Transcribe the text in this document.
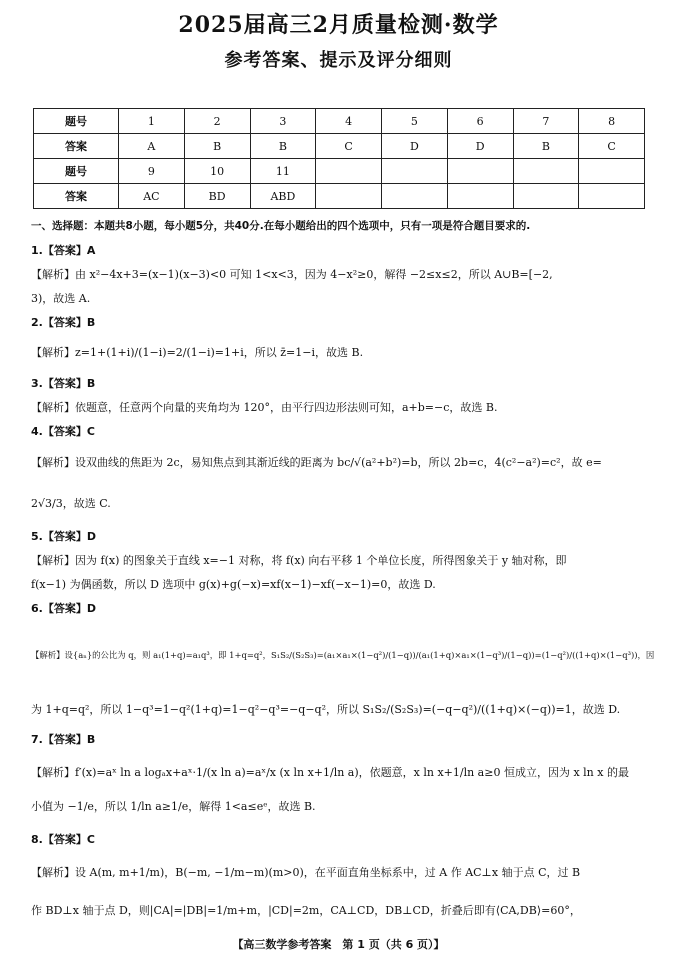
2025届高三2月质量检测·数学
参考答案、提示及评分细则
题号	1	2	3	4	5	6	7	8
答案	A	B	B	C	D	D	B	C
题号	9	10	11					
答案	AC	BD	ABD					
一、选择题：本题共8小题，每小题5分，共40分.在每小题给出的四个选项中，只有一项是符合题目要求的.
1.【答案】A
【解析】由 x²−4x+3=(x−1)(x−3)<0 可知 1<x<3，因为 4−x²≥0，解得 −2≤x≤2，所以 A∪B=[−2,
3)，故选 A.
2.【答案】B
【解析】z=1+(1+i)/(1−i)=2/(1−i)=1+i，所以 z̄=1−i，故选 B.
3.【答案】B
【解析】依题意，任意两个向量的夹角均为 120°，由平行四边形法则可知，a+b=−c，故选 B.
4.【答案】C
【解析】设双曲线的焦距为 2c，易知焦点到其渐近线的距离为 bc/√(a²+b²)=b，所以 2b=c，4(c²−a²)=c²，故 e=
2√3/3，故选 C.
5.【答案】D
【解析】因为 f(x) 的图象关于直线 x=−1 对称，将 f(x) 向右平移 1 个单位长度，所得图象关于 y 轴对称，即
f(x−1) 为偶函数，所以 D 选项中 g(x)+g(−x)=xf(x−1)−xf(−x−1)=0，故选 D.
6.【答案】D
【解析】设{aₙ}的公比为 q，则 a₁(1+q)=a₁q³，即 1+q=q²，S₁S₂/(S₂S₃)=(a₁×a₁×(1−q²)/(1−q))/(a₁(1+q)×a₁×(1−q³)/(1−q))=(1−q²)/((1+q)×(1−q³))，因
为 1+q=q²，所以 1−q³=1−q²(1+q)=1−q²−q³=−q−q²，所以 S₁S₂/(S₂S₃)=(−q−q²)/((1+q)×(−q))=1，故选 D.
7.【答案】B
【解析】f′(x)=aˣ ln a logₐx+aˣ·1/(x ln a)=aˣ/x (x ln x+1/ln a)，依题意，x ln x+1/ln a≥0 恒成立，因为 x ln x 的最
小值为 −1/e，所以 1/ln a≥1/e，解得 1<a≤eᵉ，故选 B.
8.【答案】C
【解析】设 A(m, m+1/m)，B(−m, −1/m−m)(m>0)，在平面直角坐标系中，过 A 作 AC⊥x 轴于点 C，过 B
作 BD⊥x 轴于点 D，则|CA|=|DB|=1/m+m，|CD|=2m，CA⊥CD，DB⊥CD，折叠后即有⟨CA,DB⟩=60°，
【高三数学参考答案　第 1 页（共 6 页）】
